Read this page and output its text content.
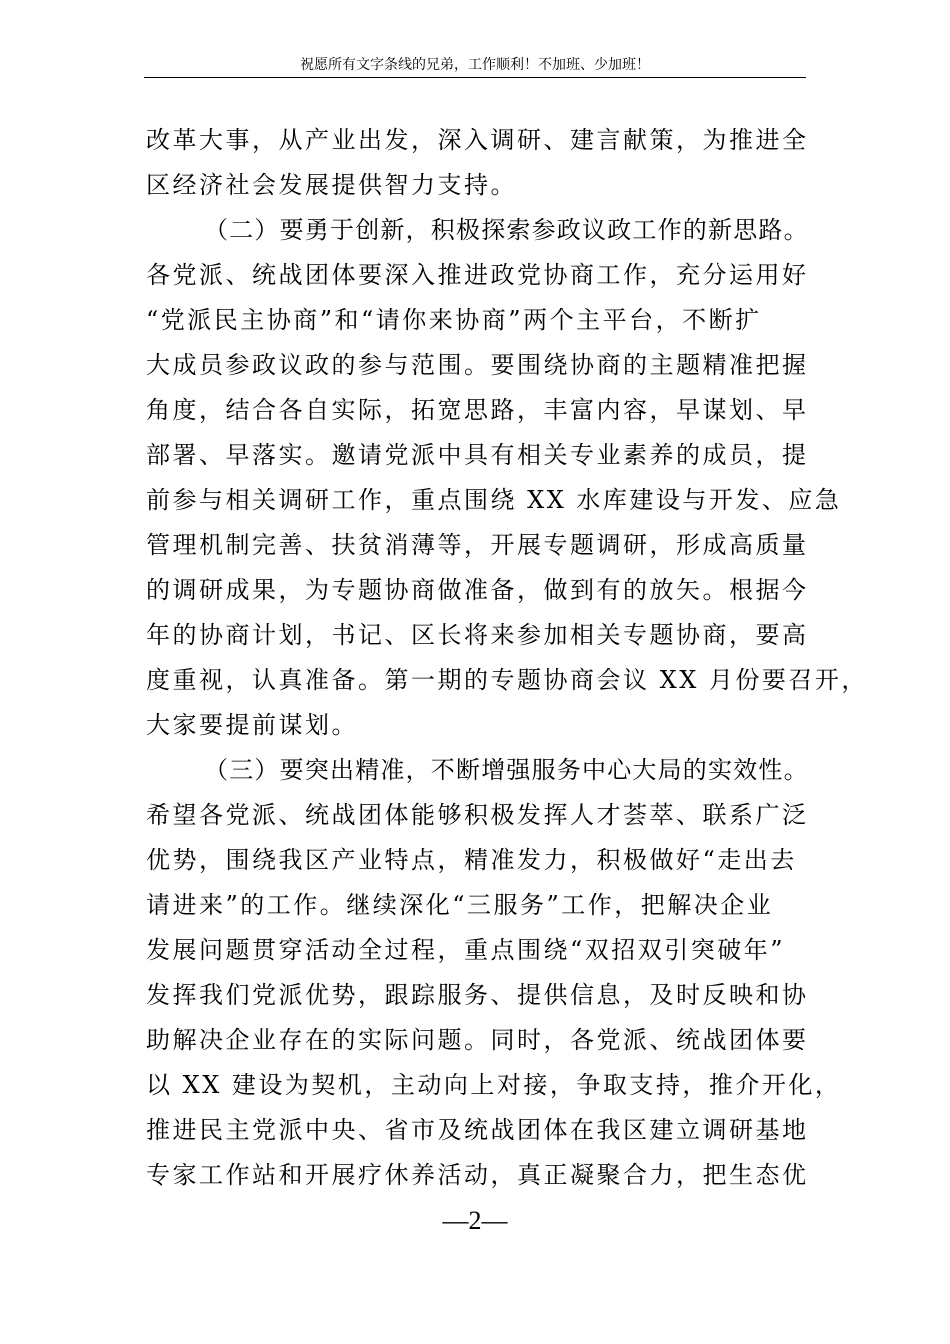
祝愿所有文字条线的兄弟，工作顺利！不加班、少加班！
改革大事，从产业出发，深入调研、建言献策，为推进全
区经济社会发展提供智力支持。
（二）要勇于创新，积极探索参政议政工作的新思路。
各党派、统战团体要深入推进政党协商工作，充分运用好
“党派民主协商”和“请你来协商”两个主平台，不断扩
大成员参政议政的参与范围。要围绕协商的主题精准把握
角度，结合各自实际，拓宽思路，丰富内容，早谋划、早
部署、早落实。邀请党派中具有相关专业素养的成员，提
前参与相关调研工作，重点围绕 XX 水库建设与开发、应急
管理机制完善、扶贫消薄等，开展专题调研，形成高质量
的调研成果，为专题协商做准备，做到有的放矢。根据今
年的协商计划，书记、区长将来参加相关专题协商，要高
度重视，认真准备。第一期的专题协商会议 XX 月份要召开，
大家要提前谋划。
（三）要突出精准，不断增强服务中心大局的实效性。
希望各党派、统战团体能够积极发挥人才荟萃、联系广泛
优势，围绕我区产业特点，精准发力，积极做好“走出去
请进来”的工作。继续深化“三服务”工作，把解决企业
发展问题贯穿活动全过程，重点围绕“双招双引突破年”
发挥我们党派优势，跟踪服务、提供信息，及时反映和协
助解决企业存在的实际问题。同时，各党派、统战团体要
以 XX 建设为契机，主动向上对接，争取支持，推介开化，
推进民主党派中央、省市及统战团体在我区建立调研基地
专家工作站和开展疗休养活动，真正凝聚合力，把生态优
—2—
